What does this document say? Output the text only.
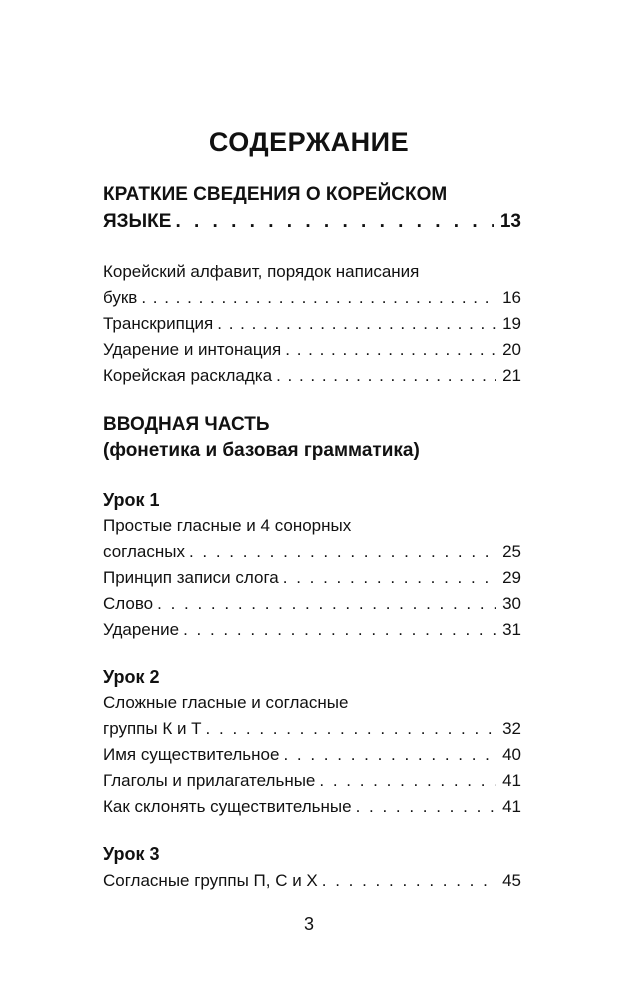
СОДЕРЖАНИЕ
КРАТКИЕ СВЕДЕНИЯ О КОРЕЙСКОМ
ЯЗЫКЕ . . .	13
Корейский алфавит, порядок написания
букв . . .	16
Транскрипция . . .	19
Ударение и интонация . . .	20
Корейская раскладка . . .	21
ВВОДНАЯ ЧАСТЬ
(фонетика и базовая грамматика)
Урок 1
Простые гласные и 4 сонорных
согласных . . .	25
Принцип записи слога . . .	29
Слово . . .	30
Ударение . . .	31
Урок 2
Сложные гласные и согласные
группы К и Т . . .	32
Имя существительное . . .	40
Глаголы и прилагательные . . .	41
Как склонять существительные . . .	41
Урок 3
Согласные группы П, С и Х . . .	45
3
